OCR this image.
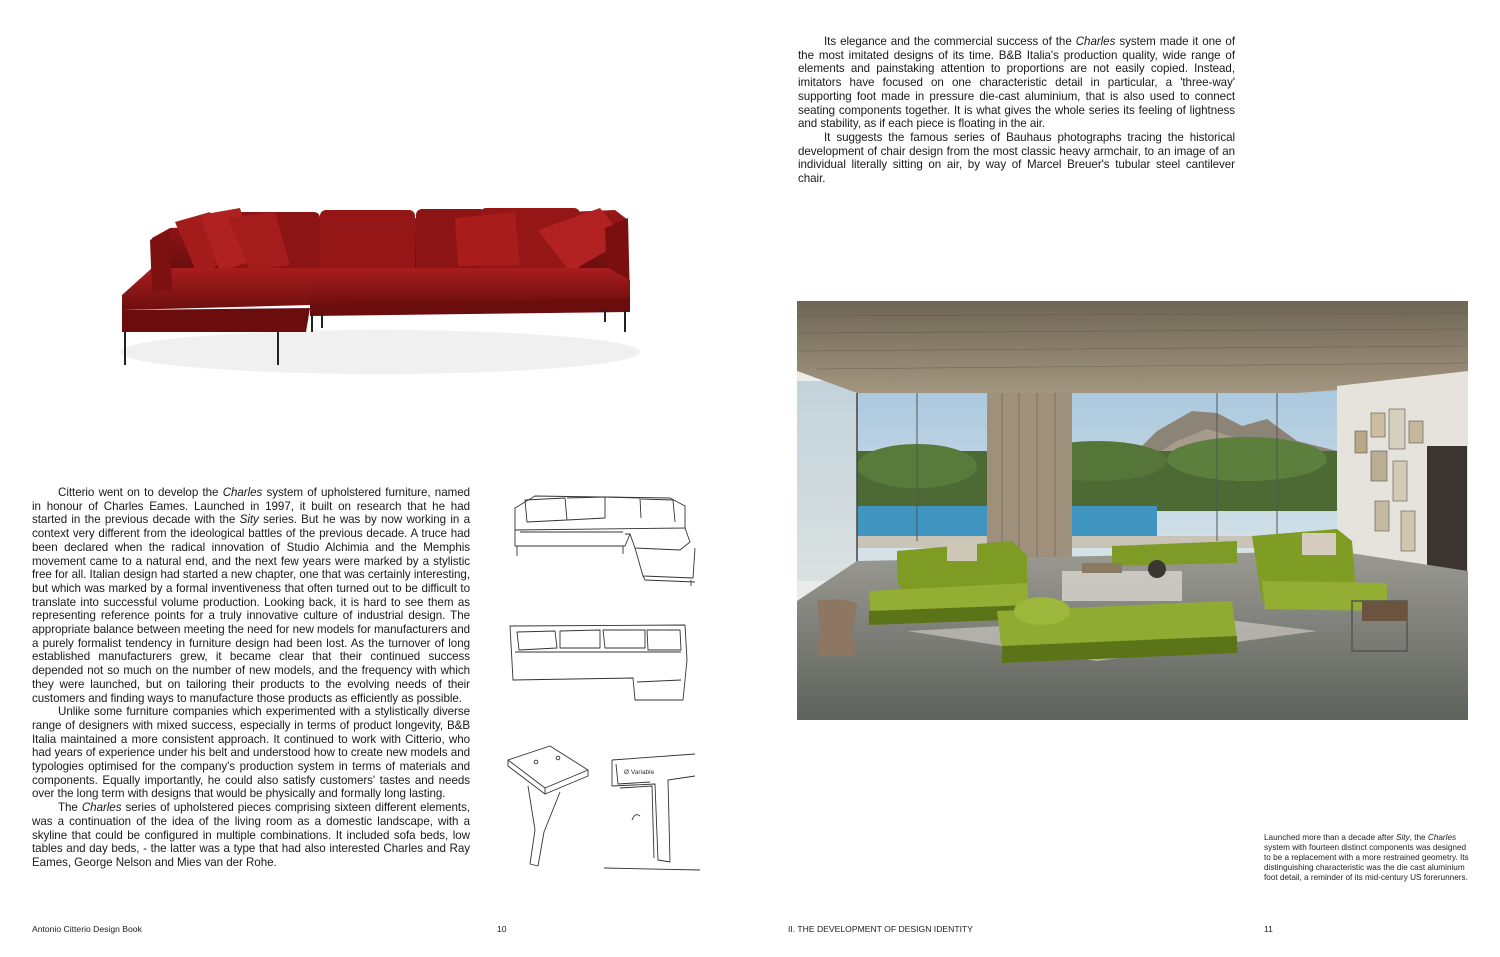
Citterio went on to develop the Charles system of upholstered furniture, named in honour of Charles Eames. Launched in 1997, it built on research that he had started in the previous decade with the Sity series. But he was by now working in a context very different from the ideological battles of the previous decade. A truce had been declared when the radical innovation of Studio Alchimia and the Memphis movement came to a natural end, and the next few years were marked by a stylistic free for all. Italian design had started a new chapter, one that was certainly interesting, but which was marked by a formal inventiveness that often turned out to be difficult to translate into successful volume production. Looking back, it is hard to see them as representing reference points for a truly innovative culture of industrial design. The appropriate balance between meeting the need for new models for manufacturers and a purely formalist tendency in furniture design had been lost. As the turnover of long established manufacturers grew, it became clear that their continued success depended not so much on the number of new models, and the frequency with which they were launched, but on tailoring their products to the evolving needs of their customers and finding ways to manufacture those products as efficiently as possible.

Unlike some furniture companies which experimented with a stylistically diverse range of designers with mixed success, especially in terms of product longevity, B&B Italia maintained a more consistent approach. It continued to work with Citterio, who had years of experience under his belt and understood how to create new models and typologies optimised for the company's production system in terms of materials and components. Equally importantly, he could also satisfy customers' tastes and needs over the long term with designs that would be physically and formally long lasting.

The Charles series of upholstered pieces comprising sixteen different elements, was a continuation of the idea of the living room as a domestic landscape, with a skyline that could be configured in multiple combinations. It included sofa beds, low tables and day beds, - the latter was a type that had also interested Charles and Ray Eames, George Nelson and Mies van der Rohe.

Ø Variable
Antonio Citterio Design Book	10

Its elegance and the commercial success of the Charles system made it one of the most imitated designs of its time. B&B Italia's production quality, wide range of elements and painstaking attention to proportions are not easily copied. Instead, imitators have focused on one characteristic detail in particular, a 'three-way' supporting foot made in pressure die-cast aluminium, that is also used to connect seating components together. It is what gives the whole series its feeling of lightness and stability, as if each piece is floating in the air.

It suggests the famous series of Bauhaus photographs tracing the historical development of chair design from the most classic heavy armchair, to an image of an individual literally sitting on air, by way of Marcel Breuer's tubular steel cantilever chair.

Launched more than a decade after Sity, the Charles system with fourteen distinct components was designed to be a replacement with a more restrained geometry. Its distinguishing characteristic was the die cast aluminium foot detail, a reminder of its mid-century US forerunners.
II. THE DEVELOPMENT OF DESIGN IDENTITY	11
